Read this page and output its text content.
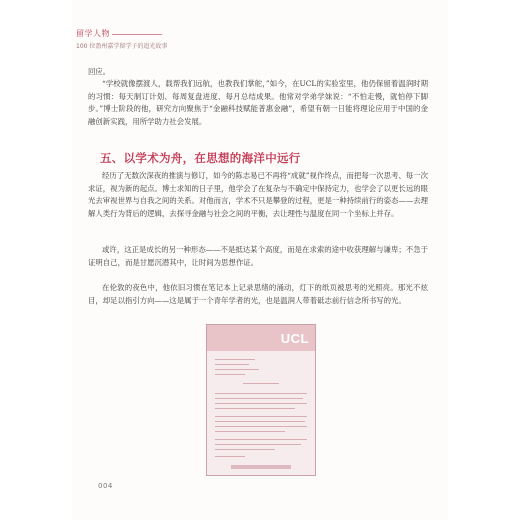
留学人物
100 位盈州嘉学留学子的追光故事
回应。
“学校就像摆渡人，载帮我们远航，也教我们掌舵，”如今，在UCL的实验室里，他仍保留着温润时期的习惯：每天制订计划、每周复盘进度、每月总结成果。他常对学弟学妹说：“不怕走慢，就怕停下脚步。”博士阶段的他，研究方向聚焦于“金融科技赋能普惠金融”，希望有朝一日能将理论应用于中国的金融创新实践，用所学助力社会发展。
五、以学术为舟，在思想的海洋中远行
经历了无数次深夜的推演与修订，如今的陈志易已不再将“成就”视作终点，而把每一次思考、每一次求证，视为新的起点。博士求知的日子里，他学会了在复杂与不确定中保持定力，也学会了以更长远的眼光去审视世界与自我之间的关系。对他而言，学术不只是攀登的过程，更是一种持续前行的姿态——去理解人类行为背后的逻辑，去探寻金融与社会之间的平衡，去让理性与温度在同一个坐标上并存。
或许，这正是成长的另一种形态——不是抵达某个高度，而是在求索的途中收获理解与谦卑；不急于证明自己，而是甘愿沉潜其中，让时间为思想作证。
在伦敦的夜色中，他依旧习惯在笔记本上记录思绪的涌动，灯下的纸页被思考的光照亮。那光不炫目，却足以指引方向——这是属于一个青年学者的光，也是温润人带着砥志前行信念所书写的光。
UCL
004
